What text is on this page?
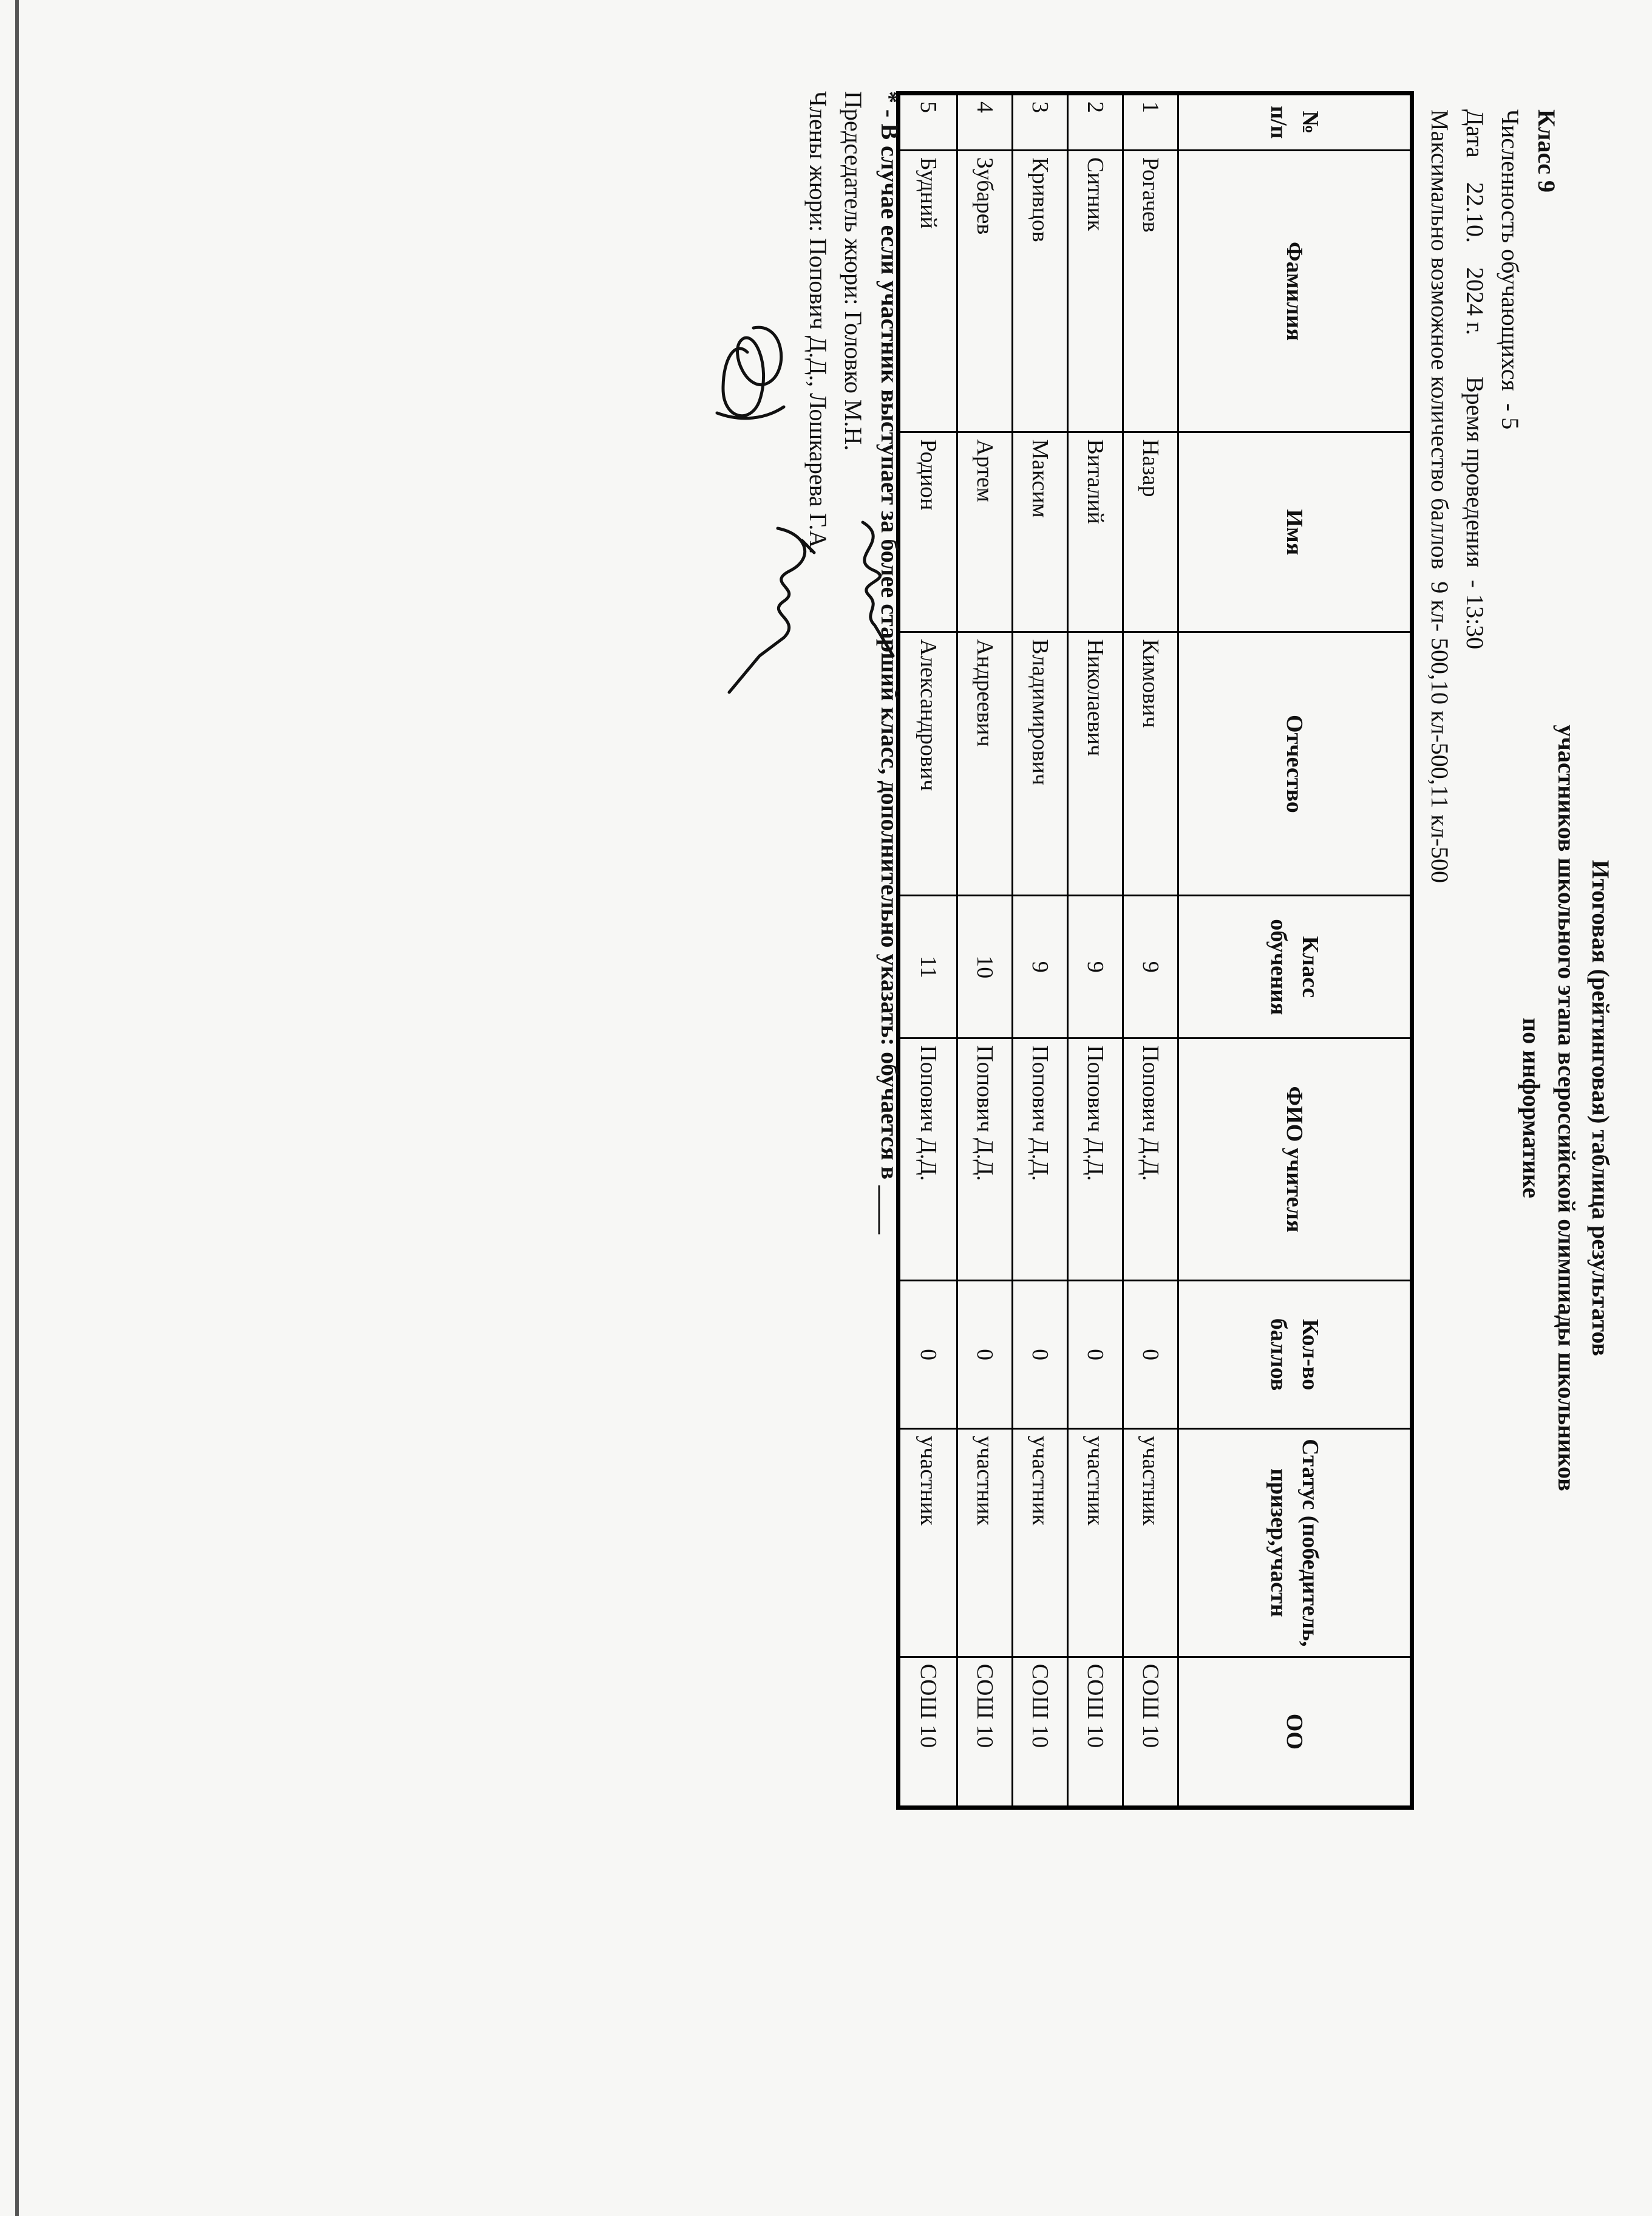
Итоговая (рейтинговая) таблица результатов
участников школьного этапа всероссийской олимпиады школьников
по информатике
Класс 9
Численность обучающихся  - 5
Дата22.10.2024 г.Время проведения  - 13:30
Максимально возможное количество баллов  9 кл- 500,10 кл-500,11 кл-500
№ п/п	Фамилия	Имя	Отчество	Класс обучения	ФИО учителя	Кол-во баллов	Статус (победитель, призер,участн	ОО
1	Рогачев	Назар	Кимович	9	Попович Д.Д.	0	участник	СОШ 10
2	Ситник	Виталий	Николаевич	9	Попович Д.Д.	0	участник	СОШ 10
3	Кривцов	Максим	Владимирович	9	Попович Д.Д.	0	участник	СОШ 10
4	Зубарев	Артем	Андреевич	10	Попович Д.Д.	0	участник	СОШ 10
5	Будний	Родион	Александрович	11	Попович Д.Д.	0	участник	СОШ 10
* - В случае если участник выступает за более старший класс, дополнительно указать: обучается в ____
Председатель жюри: Головко М.Н.
Члены жюри: Попович Д.Д., Лошкарева Г.А.
